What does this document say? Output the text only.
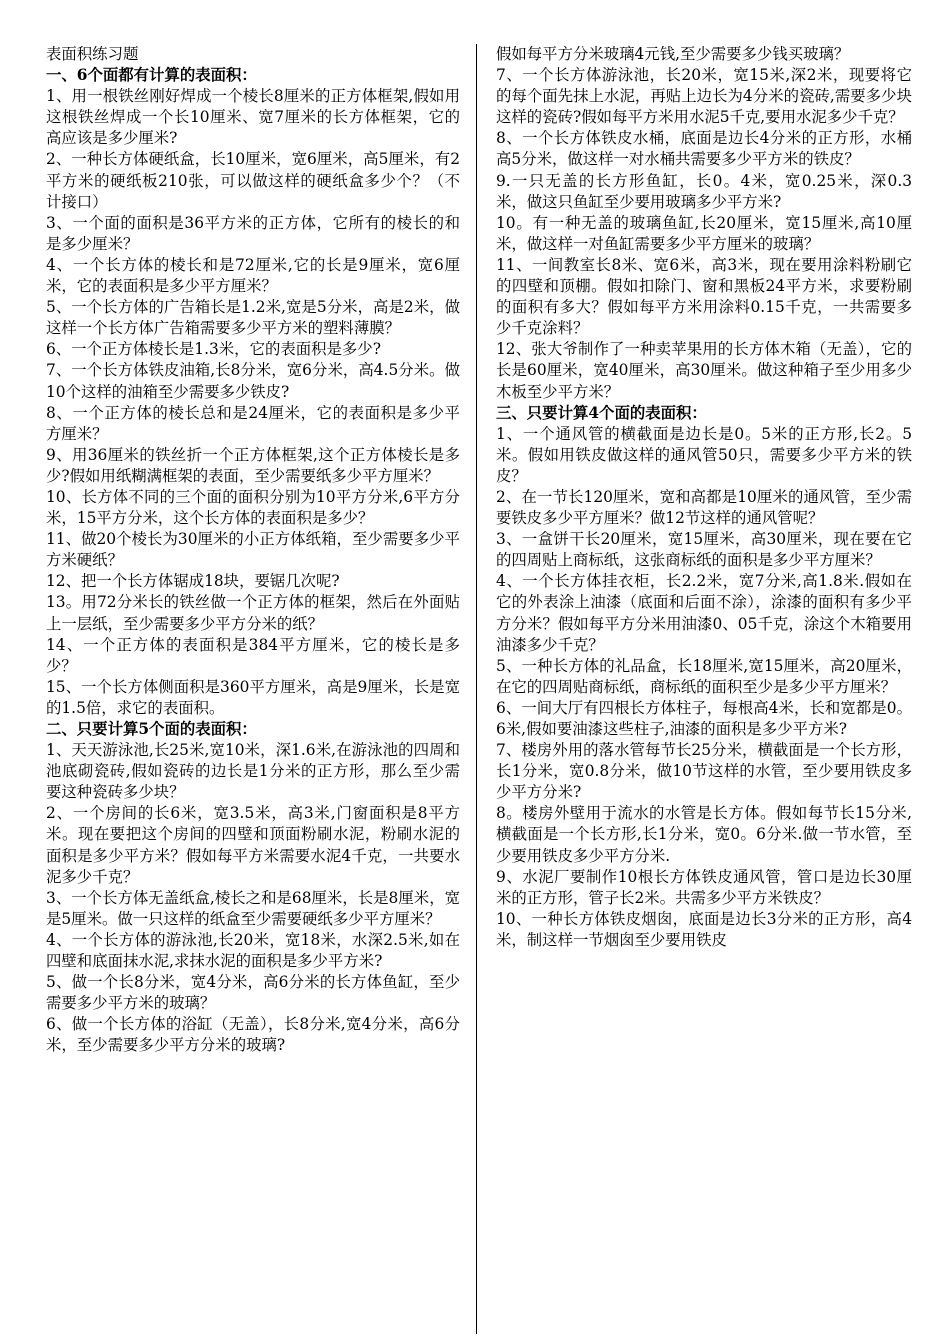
表面积练习题
一、6个面都有计算的表面积：
1、用一根铁丝刚好焊成一个棱长8厘米的正方体框架,假如用这根铁丝焊成一个长10厘米、宽7厘米的长方体框架，它的高应该是多少厘米?
2、一种长方体硬纸盒，长10厘米，宽6厘米，高5厘米，有2平方米的硬纸板210张，可以做这样的硬纸盒多少个？（不计接口）
3、一个面的面积是36平方米的正方体，它所有的棱长的和是多少厘米？
4、一个长方体的棱长和是72厘米,它的长是9厘米，宽6厘米，它的表面积是多少平方厘米？
5、一个长方体的广告箱长是1.2米,宽是5分米，高是2米，做这样一个长方体广告箱需要多少平方米的塑料薄膜？
6、一个正方体棱长是1.3米，它的表面积是多少?
7、一个长方体铁皮油箱,长8分米，宽6分米，高4.5分米。做10个这样的油箱至少需要多少铁皮?
8、一个正方体的棱长总和是24厘米，它的表面积是多少平方厘米？
9、用36厘米的铁丝折一个正方体框架,这个正方体棱长是多少?假如用纸糊满框架的表面，至少需要纸多少平方厘米？
10、长方体不同的三个面的面积分别为10平方分米,6平方分米，15平方分米，这个长方体的表面积是多少？
11、做20个棱长为30厘米的小正方体纸箱，至少需要多少平方米硬纸？
12、把一个长方体锯成18块，要锯几次呢?
13。用72分米长的铁丝做一个正方体的框架，然后在外面贴上一层纸，至少需要多少平方分米的纸？
14、一个正方体的表面积是384平方厘米，它的棱长是多少？
15、一个长方体侧面积是360平方厘米，高是9厘米，长是宽的1.5倍，求它的表面积。
二、只要计算5个面的表面积：
1、天天游泳池,长25米,宽10米，深1.6米,在游泳池的四周和池底砌瓷砖,假如瓷砖的边长是1分米的正方形，那么至少需要这种瓷砖多少块？
2、一个房间的长6米，宽3.5米，高3米,门窗面积是8平方米。现在要把这个房间的四壁和顶面粉刷水泥，粉刷水泥的面积是多少平方米？假如每平方米需要水泥4千克，一共要水泥多少千克？
3、一个长方体无盖纸盒,棱长之和是68厘米，长是8厘米，宽是5厘米。做一只这样的纸盒至少需要硬纸多少平方厘米？
4、一个长方体的游泳池,长20米，宽18米，水深2.5米,如在四壁和底面抹水泥,求抹水泥的面积是多少平方米?
5、做一个长8分米，宽4分米，高6分米的长方体鱼缸，至少需要多少平方米的玻璃？
6、做一个长方体的浴缸（无盖），长8分米,宽4分米，高6分米，至少需要多少平方分米的玻璃?
假如每平方分米玻璃4元钱,至少需要多少钱买玻璃？
7、一个长方体游泳池，长20米，宽15米,深2米，现要将它的每个面先抹上水泥，再贴上边长为4分米的瓷砖,需要多少块这样的瓷砖?假如每平方米用水泥5千克,要用水泥多少千克？
8、一个长方体铁皮水桶，底面是边长4分米的正方形，水桶高5分米，做这样一对水桶共需要多少平方米的铁皮？
9.一只无盖的长方形鱼缸，长0。4米，宽0.25米，深0.3米，做这只鱼缸至少要用玻璃多少平方米?
10。有一种无盖的玻璃鱼缸,长20厘米，宽15厘米,高10厘米，做这样一对鱼缸需要多少平方厘米的玻璃？
11、一间教室长8米、宽6米，高3米，现在要用涂料粉刷它的四壁和顶棚。假如扣除门、窗和黑板24平方米，求要粉刷的面积有多大？假如每平方米用涂料0.15千克，一共需要多少千克涂料？
12、张大爷制作了一种卖苹果用的长方体木箱（无盖），它的长是60厘米，宽40厘米，高30厘米。做这种箱子至少用多少木板至少平方米？
三、只要计算4个面的表面积：
1、一个通风管的横截面是边长是0。5米的正方形,长2。5米。假如用铁皮做这样的通风管50只，需要多少平方米的铁皮？
2、在一节长120厘米，宽和高都是10厘米的通风管，至少需要铁皮多少平方厘米？做12节这样的通风管呢？
3、一盒饼干长20厘米，宽15厘米，高30厘米，现在要在它的四周贴上商标纸，这张商标纸的面积是多少平方厘米？
4、一个长方体挂衣柜，长2.2米，宽7分米,高1.8米.假如在它的外表涂上油漆（底面和后面不涂），涂漆的面积有多少平方分米？假如每平方分米用油漆0、05千克，涂这个木箱要用油漆多少千克？
5、一种长方体的礼品盒，长18厘米,宽15厘米，高20厘米，在它的四周贴商标纸，商标纸的面积至少是多少平方厘米？
6、一间大厅有四根长方体柱子，每根高4米，长和宽都是0。6米,假如要油漆这些柱子,油漆的面积是多少平方米?
7、楼房外用的落水管每节长25分米，横截面是一个长方形，长1分米，宽0.8分米，做10节这样的水管，至少要用铁皮多少平方分米?
8。楼房外壁用于流水的水管是长方体。假如每节长15分米,横截面是一个长方形,长1分米，宽0。6分米.做一节水管，至少要用铁皮多少平方分米.
9、水泥厂要制作10根长方体铁皮通风管，管口是边长30厘米的正方形，管子长2米。共需多少平方米铁皮？
10、一种长方体铁皮烟囱，底面是边长3分米的正方形，高4米，制这样一节烟囱至少要用铁皮
